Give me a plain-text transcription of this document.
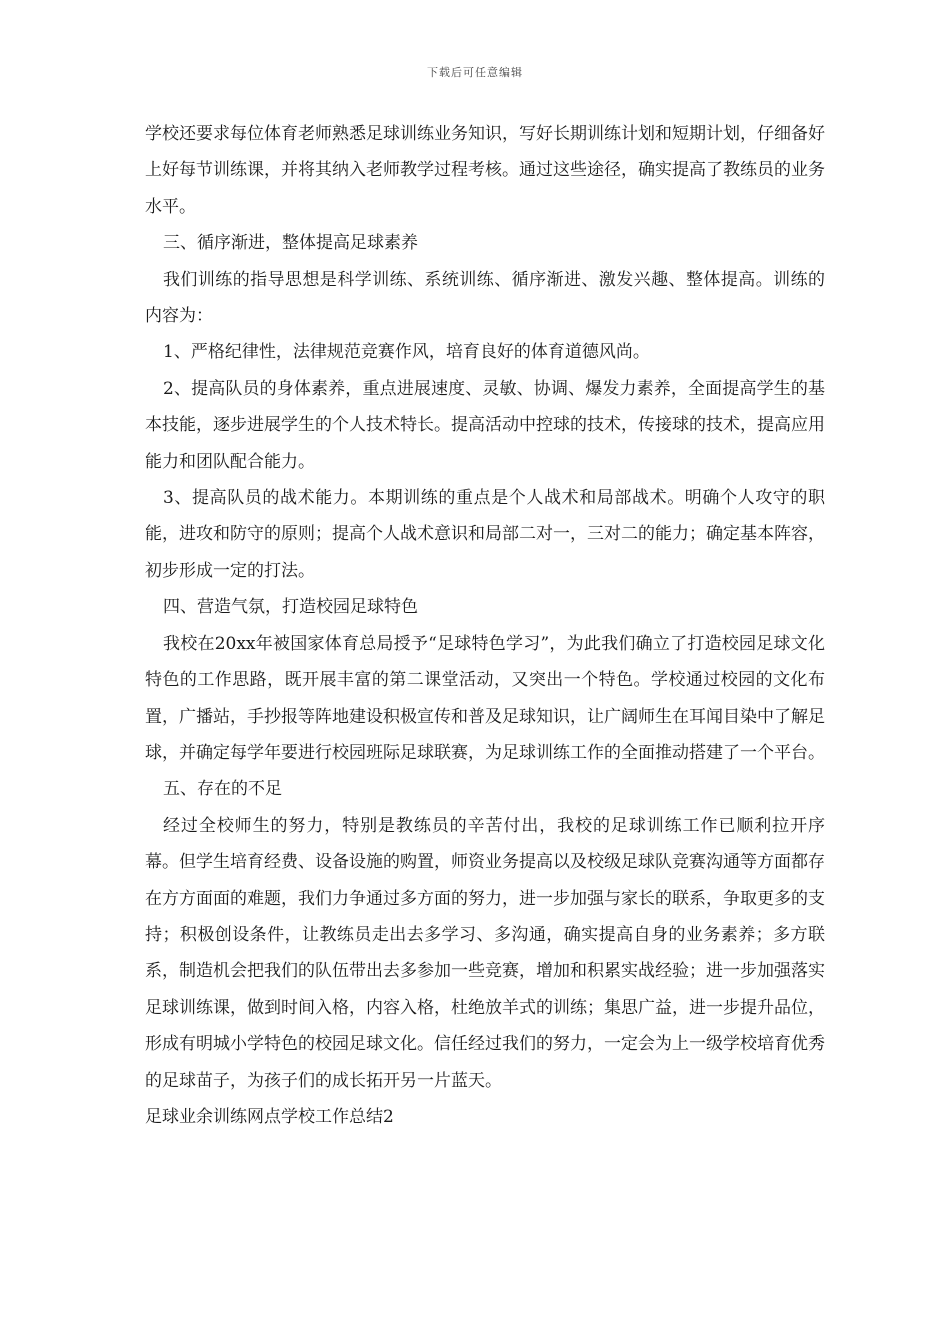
下载后可任意编辑

学校还要求每位体育老师熟悉足球训练业务知识，写好长期训练计划和短期计划，仔细备好上好每节训练课，并将其纳入老师教学过程考核。通过这些途径，确实提高了教练员的业务水平。

三、循序渐进，整体提高足球素养

我们训练的指导思想是科学训练、系统训练、循序渐进、激发兴趣、整体提高。训练的内容为：

1、严格纪律性，法律规范竞赛作风，培育良好的体育道德风尚。

2、提高队员的身体素养，重点进展速度、灵敏、协调、爆发力素养，全面提高学生的基本技能，逐步进展学生的个人技术特长。提高活动中控球的技术，传接球的技术，提高应用能力和团队配合能力。

3、提高队员的战术能力。本期训练的重点是个人战术和局部战术。明确个人攻守的职能，进攻和防守的原则；提高个人战术意识和局部二对一，三对二的能力；确定基本阵容，初步形成一定的打法。

四、营造气氛，打造校园足球特色

我校在20xx年被国家体育总局授予“足球特色学习”，为此我们确立了打造校园足球文化特色的工作思路，既开展丰富的第二课堂活动，又突出一个特色。学校通过校园的文化布置，广播站，手抄报等阵地建设积极宣传和普及足球知识，让广阔师生在耳闻目染中了解足球，并确定每学年要进行校园班际足球联赛，为足球训练工作的全面推动搭建了一个平台。

五、存在的不足

经过全校师生的努力，特别是教练员的辛苦付出，我校的足球训练工作已顺利拉开序幕。但学生培育经费、设备设施的购置，师资业务提高以及校级足球队竞赛沟通等方面都存在方方面面的难题，我们力争通过多方面的努力，进一步加强与家长的联系，争取更多的支持；积极创设条件，让教练员走出去多学习、多沟通，确实提高自身的业务素养；多方联系，制造机会把我们的队伍带出去多参加一些竞赛，增加和积累实战经验；进一步加强落实足球训练课，做到时间入格，内容入格，杜绝放羊式的训练；集思广益，进一步提升品位，形成有明城小学特色的校园足球文化。信任经过我们的努力，一定会为上一级学校培育优秀的足球苗子，为孩子们的成长拓开另一片蓝天。

足球业余训练网点学校工作总结2
